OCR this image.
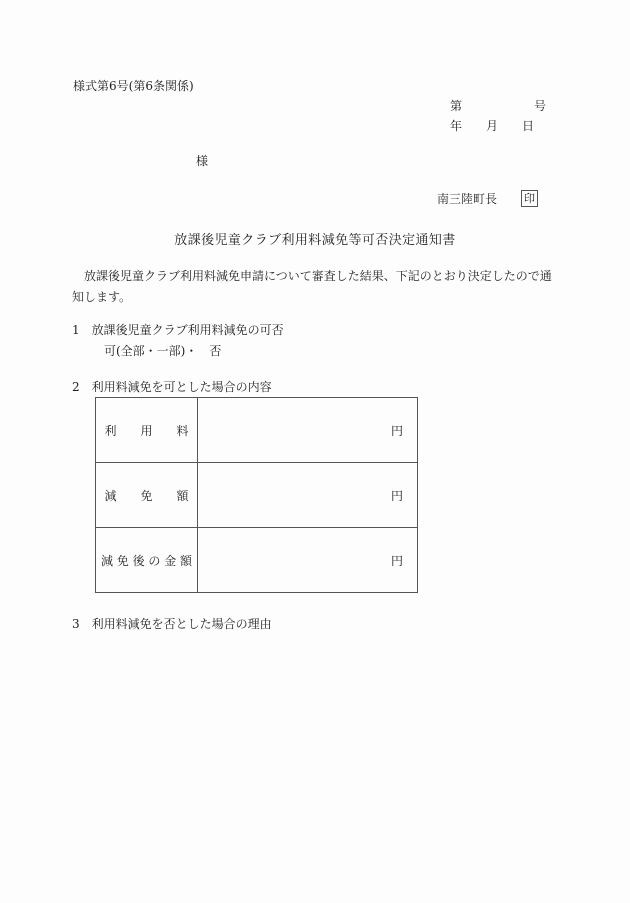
様式第6号(第6条関係)
第　　　　　　号
年　　月　　日
様
南三陸町長 印
放課後児童クラブ利用料減免等可否決定通知書
　放課後児童クラブ利用料減免申請について審査した結果、下記のとおり決定したので通
知します。
1　放課後児童クラブ利用料減免の可否
可(全部・一部)・　否
2　利用料減免を可とした場合の内容
利　　用　　料	円
減　　免　　額	円
減 免 後 の 金 額	円
3　利用料減免を否とした場合の理由
